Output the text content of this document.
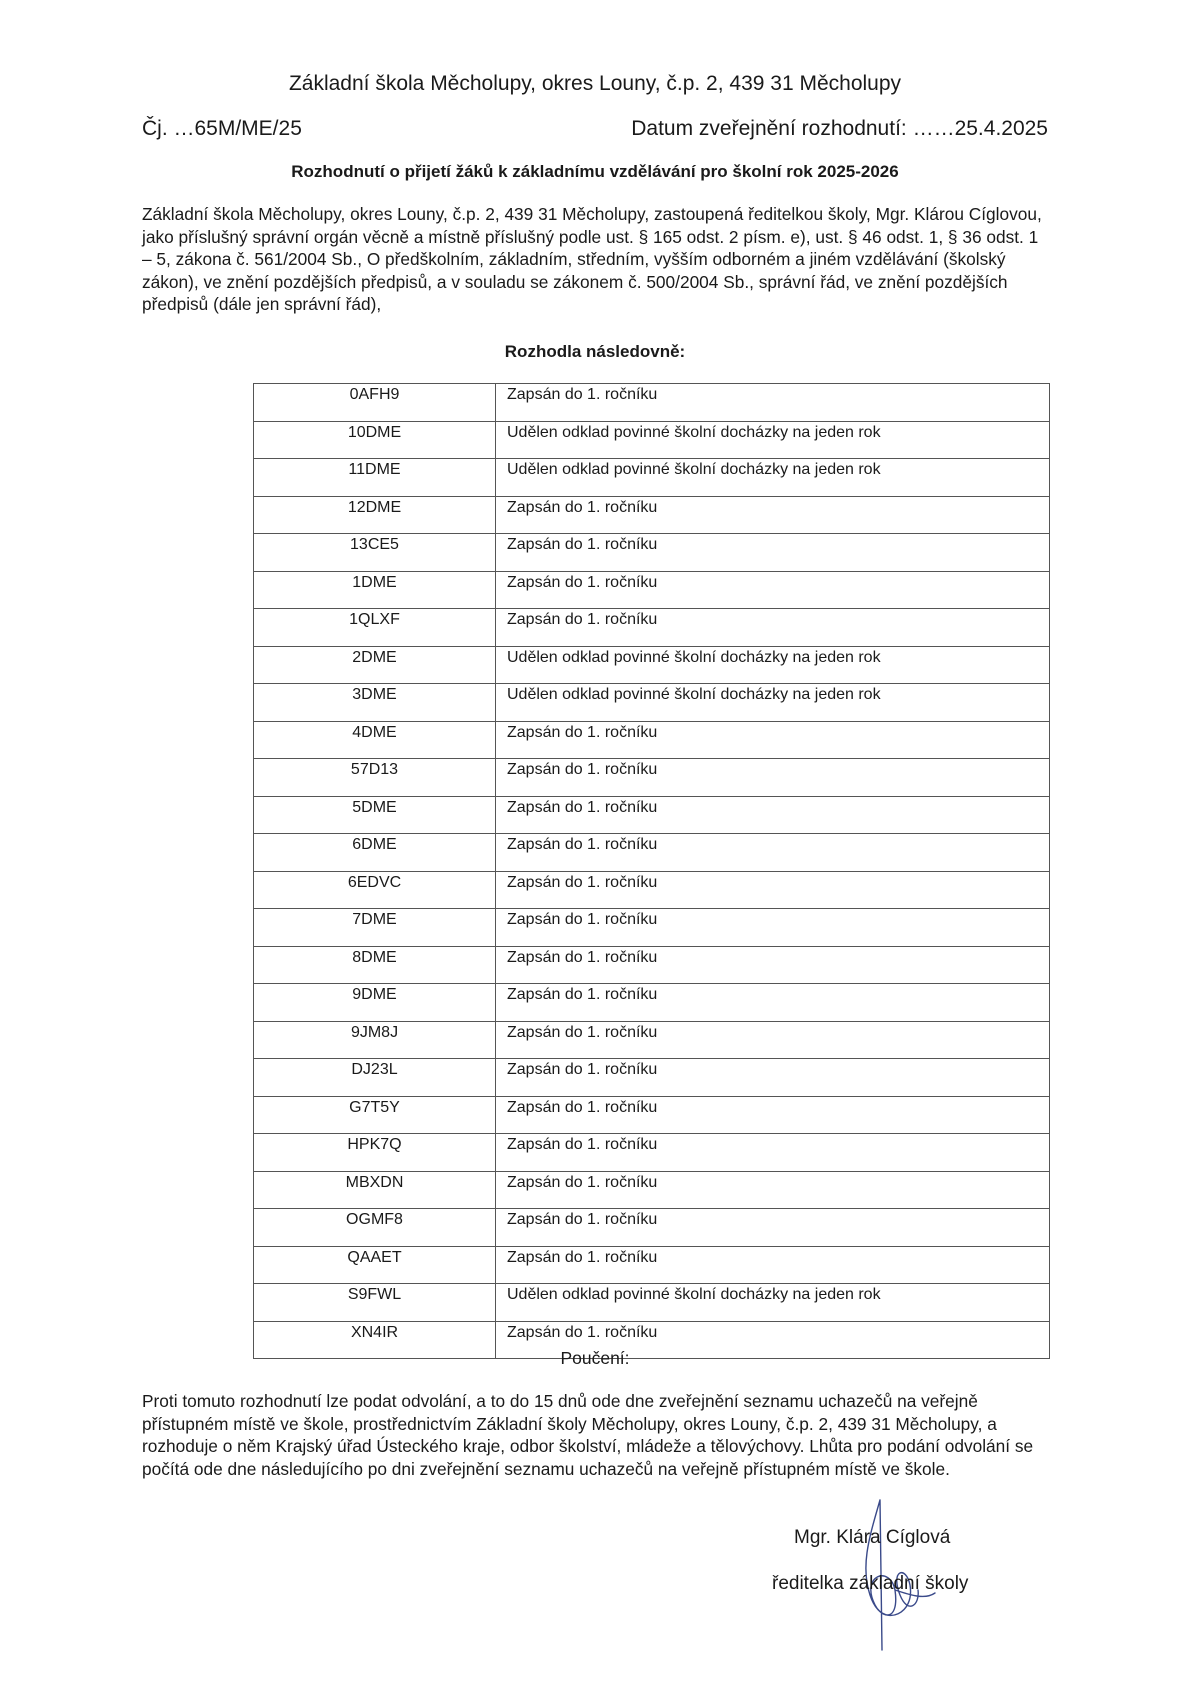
Základní škola Měcholupy, okres Louny, č.p. 2, 439 31 Měcholupy
Čj. …65M/ME/25	Datum zveřejnění rozhodnutí: ……25.4.2025
Rozhodnutí o přijetí žáků k základnímu vzdělávání pro školní rok 2025-2026
Základní škola Měcholupy, okres Louny, č.p. 2, 439 31 Měcholupy, zastoupená ředitelkou školy, Mgr. Klárou Cíglovou, jako příslušný správní orgán věcně a místně příslušný podle ust. § 165 odst. 2 písm. e), ust. § 46 odst. 1, § 36 odst. 1 – 5, zákona č. 561/2004 Sb., O předškolním, základním, středním, vyšším odborném a jiném vzdělávání (školský zákon), ve znění pozdějších předpisů, a v souladu se zákonem č. 500/2004 Sb., správní řád, ve znění pozdějších předpisů (dále jen správní řád),
Rozhodla následovně:
0AFH9	Zapsán do 1. ročníku
10DME	Udělen odklad povinné školní docházky na jeden rok
11DME	Udělen odklad povinné školní docházky na jeden rok
12DME	Zapsán do 1. ročníku
13CE5	Zapsán do 1. ročníku
1DME	Zapsán do 1. ročníku
1QLXF	Zapsán do 1. ročníku
2DME	Udělen odklad povinné školní docházky na jeden rok
3DME	Udělen odklad povinné školní docházky na jeden rok
4DME	Zapsán do 1. ročníku
57D13	Zapsán do 1. ročníku
5DME	Zapsán do 1. ročníku
6DME	Zapsán do 1. ročníku
6EDVC	Zapsán do 1. ročníku
7DME	Zapsán do 1. ročníku
8DME	Zapsán do 1. ročníku
9DME	Zapsán do 1. ročníku
9JM8J	Zapsán do 1. ročníku
DJ23L	Zapsán do 1. ročníku
G7T5Y	Zapsán do 1. ročníku
HPK7Q	Zapsán do 1. ročníku
MBXDN	Zapsán do 1. ročníku
OGMF8	Zapsán do 1. ročníku
QAAET	Zapsán do 1. ročníku
S9FWL	Udělen odklad povinné školní docházky na jeden rok
XN4IR	Zapsán do 1. ročníku
Poučení:
Proti tomuto rozhodnutí lze podat odvolání, a to do 15 dnů ode dne zveřejnění seznamu uchazečů na veřejně přístupném místě ve škole, prostřednictvím Základní školy Měcholupy, okres Louny, č.p. 2, 439 31 Měcholupy, a rozhoduje o něm Krajský úřad Ústeckého kraje, odbor školství, mládeže a tělovýchovy. Lhůta pro podání odvolání se počítá ode dne následujícího po dni zveřejnění seznamu uchazečů na veřejně přístupném místě ve škole.
Mgr. Klára Cíglová
ředitelka základní školy
